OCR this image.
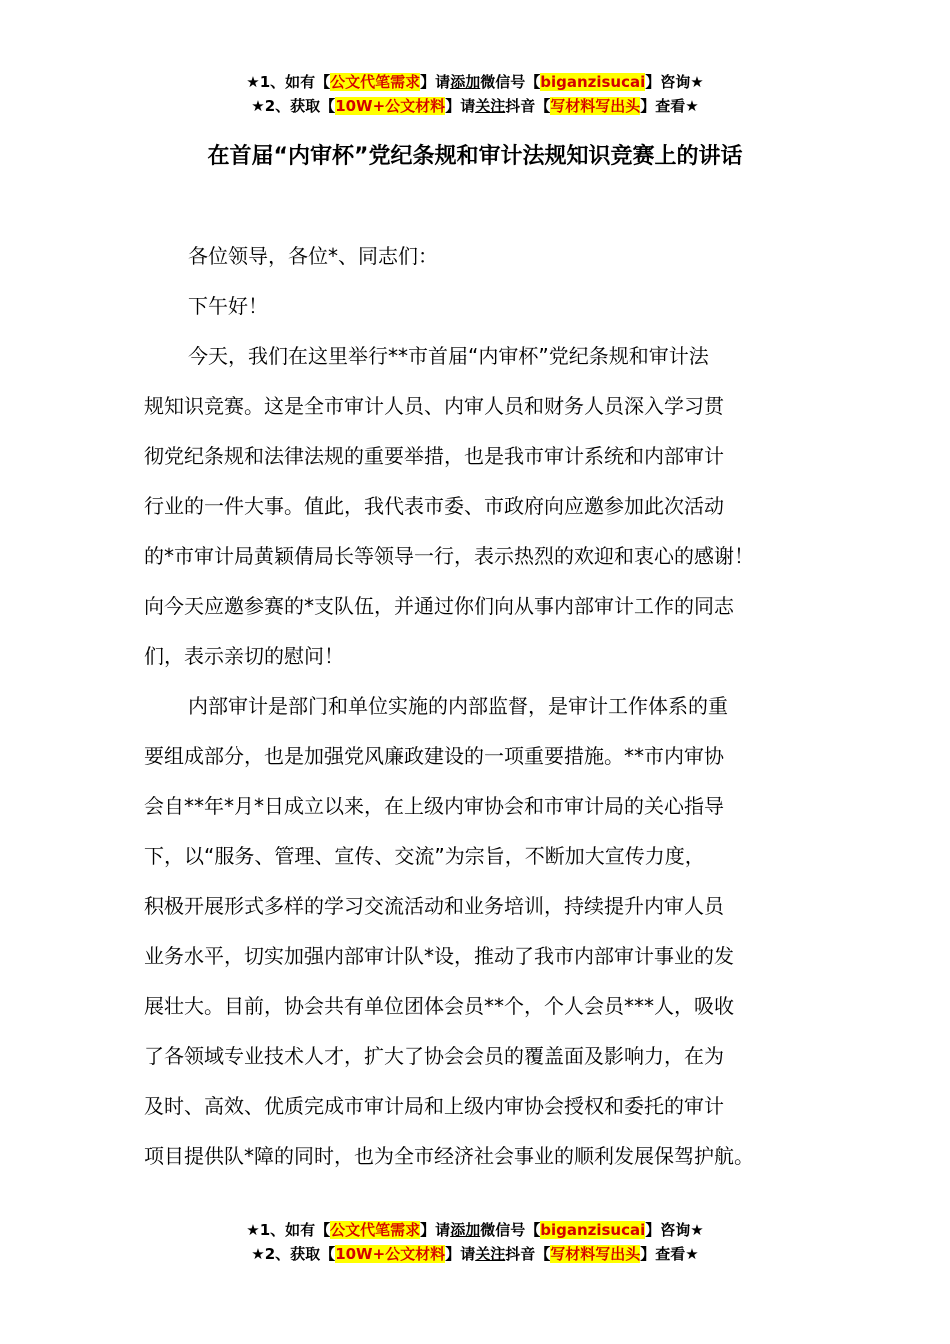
★1、如有【公文代笔需求】请添加微信号【biganzisucai】咨询★
★2、获取【10W+公文材料】请关注抖音【写材料写出头】查看★
在首届“内审杯”党纪条规和审计法规知识竞赛上的讲话
各位领导，各位*、同志们：
下午好！
今天，我们在这里举行**市首届“内审杯”党纪条规和审计法
规知识竞赛。这是全市审计人员、内审人员和财务人员深入学习贯
彻党纪条规和法律法规的重要举措，也是我市审计系统和内部审计
行业的一件大事。值此，我代表市委、市政府向应邀参加此次活动
的*市审计局黄颖倩局长等领导一行，表示热烈的欢迎和衷心的感谢！
向今天应邀参赛的*支队伍，并通过你们向从事内部审计工作的同志
们，表示亲切的慰问！
内部审计是部门和单位实施的内部监督，是审计工作体系的重
要组成部分，也是加强党风廉政建设的一项重要措施。**市内审协
会自**年*月*日成立以来，在上级内审协会和市审计局的关心指导
下，以“服务、管理、宣传、交流”为宗旨，不断加大宣传力度，
积极开展形式多样的学习交流活动和业务培训，持续提升内审人员
业务水平，切实加强内部审计队*设，推动了我市内部审计事业的发
展壮大。目前，协会共有单位团体会员**个，个人会员***人，吸收
了各领域专业技术人才，扩大了协会会员的覆盖面及影响力，在为
及时、高效、优质完成市审计局和上级内审协会授权和委托的审计
项目提供队*障的同时，也为全市经济社会事业的顺利发展保驾护航。
★1、如有【公文代笔需求】请添加微信号【biganzisucai】咨询★
★2、获取【10W+公文材料】请关注抖音【写材料写出头】查看★
